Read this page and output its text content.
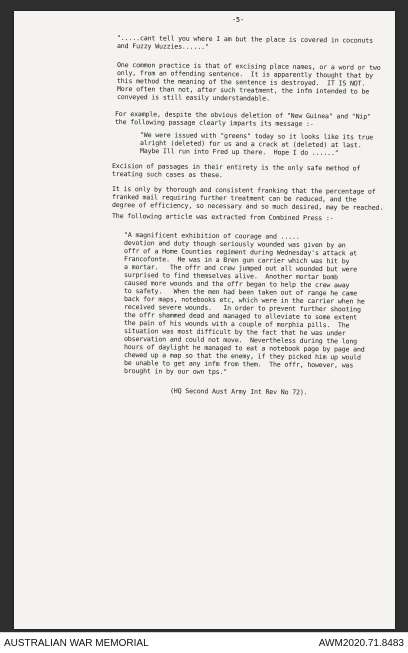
-5-
".....cant tell you where I am but the place is covered in coconuts
and Fuzzy Wuzzies......"
One common practice is that of excising place names, or a word or two
only, from an offending sentence.  It is apparently thought that by
this method the meaning of the sentence is destroyed.  IT IS NOT.
More often than not, after such treatment, the infm intended to be
conveyed is still easily understandable.
For example, despite the obvious deletion of "New Guinea" and "Nip"
the following passage clearly imparts its message :-
"We were issued with "greens" today so it looks like its true
alright (deleted) for us and a crack at (deleted) at last.
Maybe Ill run into Fred up there.  Hope I do ......"
Excision of passages in their entirety is the only safe method of
treating such cases as these.
It is only by thorough and consistent franking that the percentage of
franked mail requiring further treatment can be reduced, and the
degree of efficiency, so necessary and so much desired, may be reached.
The following article was extracted from Combined Press :-
"A magnificent exhibition of courage and .....
devotion and duty though seriously wounded was given by an
offr of a Home Counties regiment during Wednesday's attack at
Francofonte.  He was in a Bren gun carrier which was hit by
a mortar.   The offr and crew jumped out all wounded but were
surprised to find themselves alive.  Another mortar bomb
caused more wounds and the offr began to help the crew away
to safety.   When the men had been taken out of range he came
back for maps, notebooks etc, which were in the carrier when he
received severe wounds.   In order to prevent further shooting
the offr shammed dead and managed to alleviate to some extent
the pain of his wounds with a couple of morphia pills.  The
situation was most difficult by the fact that he was under
observation and could not move.  Nevertheless during the long
hours of daylight he managed to eat a notebook page by page and
chewed up a map so that the enemy, if they picked him up would
be unable to get any infm from them.  The offr, however, was
brought in by our own tps."
(HQ Second Aust Army Int Rev No 72).
AUSTRALIAN WAR MEMORIAL	AWM2020.71.8483
